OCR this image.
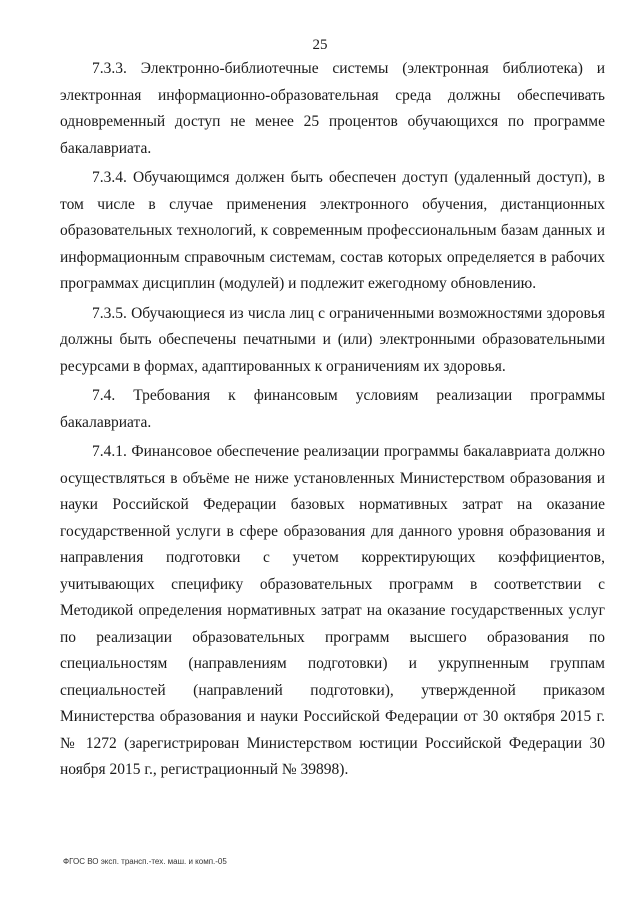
25

7.3.3. Электронно-библиотечные системы (электронная библиотека) и электронная информационно-образовательная среда должны обеспечивать одновременный доступ не менее 25 процентов обучающихся по программе бакалавриата.

7.3.4. Обучающимся должен быть обеспечен доступ (удаленный доступ), в том числе в случае применения электронного обучения, дистанционных образовательных технологий, к современным профессиональным базам данных и информационным справочным системам, состав которых определяется в рабочих программах дисциплин (модулей) и подлежит ежегодному обновлению.

7.3.5. Обучающиеся из числа лиц с ограниченными возможностями здоровья должны быть обеспечены печатными и (или) электронными образовательными ресурсами в формах, адаптированных к ограничениям их здоровья.

7.4. Требования к финансовым условиям реализации программы бакалавриата.

7.4.1. Финансовое обеспечение реализации программы бакалавриата должно осуществляться в объёме не ниже установленных Министерством образования и науки Российской Федерации базовых нормативных затрат на оказание государственной услуги в сфере образования для данного уровня образования и направления подготовки с учетом корректирующих коэффициентов, учитывающих специфику образовательных программ в соответствии с Методикой определения нормативных затрат на оказание государственных услуг по реализации образовательных программ высшего образования по специальностям (направлениям подготовки) и укрупненным группам специальностей (направлений подготовки), утвержденной приказом Министерства образования и науки Российской Федерации от 30 октября 2015 г. № 1272 (зарегистрирован Министерством юстиции Российской Федерации 30 ноября 2015 г., регистрационный № 39898).

ФГОС ВО эксп. трансп.-тех. маш. и комп.-05
